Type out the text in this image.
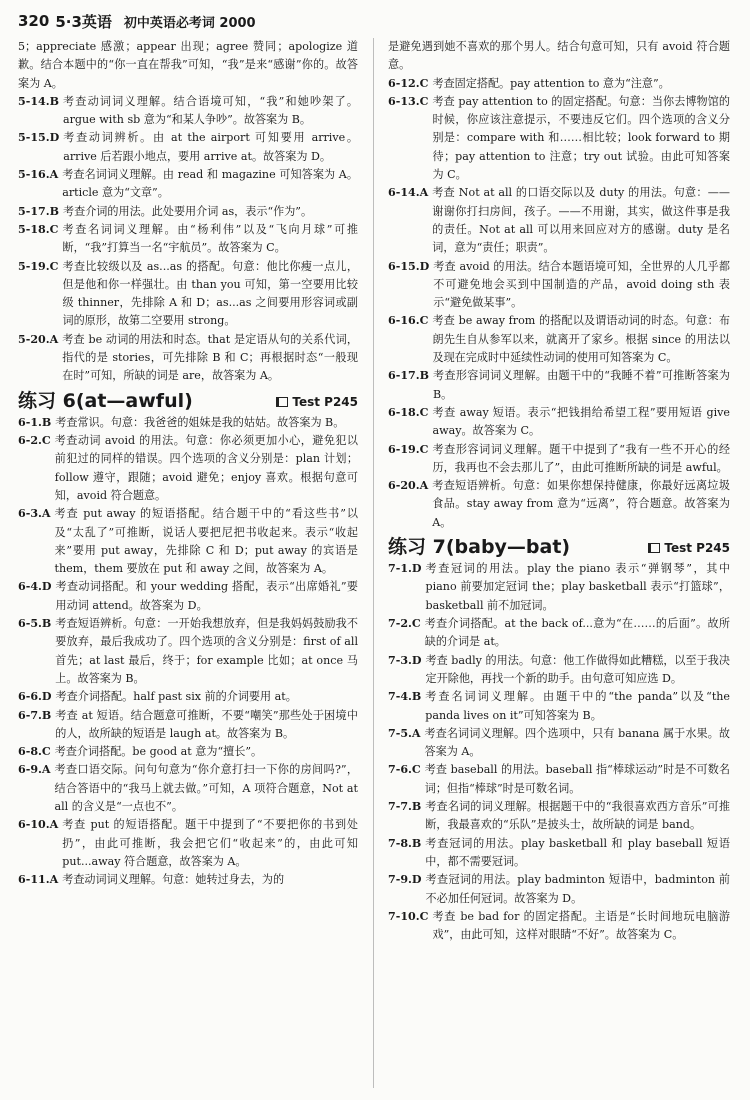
320 5·3英语 初中英语必考词 2000
5；appreciate 感激；appear 出现；agree 赞同；apologize 道歉。结合本题中的“你一直在帮我”可知，“我”是来“感谢”你的。故答案为 A。
5-14.B 考查动词词义理解。结合语境可知，“我”和她吵架了。argue with sb 意为“和某人争吵”。故答案为 B。
5-15.D 考查动词辨析。由 at the airport 可知要用 arrive。arrive 后若跟小地点，要用 arrive at。故答案为 D。
5-16.A 考查名词词义理解。由 read 和 magazine 可知答案为 A。article 意为“文章”。
5-17.B 考查介词的用法。此处要用介词 as，表示“作为”。
5-18.C 考查名词词义理解。由“杨利伟”以及“飞向月球”可推断，“我”打算当一名“宇航员”。故答案为 C。
5-19.C 考查比较级以及 as...as 的搭配。句意：他比你瘦一点儿，但是他和你一样强壮。由 than you 可知，第一空要用比较级 thinner，先排除 A 和 D；as...as 之间要用形容词或副词的原形，故第二空要用 strong。
5-20.A 考查 be 动词的用法和时态。that 是定语从句的关系代词，指代的是 stories，可先排除 B 和 C；再根据时态“一般现在时”可知，所缺的词是 are，故答案为 A。
练习 6(at—awful)	Test P245
6-1.B 考查常识。句意：我爸爸的姐妹是我的姑姑。故答案为 B。
6-2.C 考查动词 avoid 的用法。句意：你必须更加小心，避免犯以前犯过的同样的错误。四个选项的含义分别是：plan 计划；follow 遵守，跟随；avoid 避免；enjoy 喜欢。根据句意可知，avoid 符合题意。
6-3.A 考查 put away 的短语搭配。结合题干中的“看这些书”以及“太乱了”可推断，说话人要把尼把书收起来。表示“收起来”要用 put away，先排除 C 和 D；put away 的宾语是 them，them 要放在 put 和 away 之间，故答案为 A。
6-4.D 考查动词搭配。和 your wedding 搭配，表示“出席婚礼”要用动词 attend。故答案为 D。
6-5.B 考查短语辨析。句意：一开始我想放弃，但是我妈妈鼓励我不要放弃，最后我成功了。四个选项的含义分别是：first of all 首先；at last 最后，终于；for example 比如；at once 马上。故答案为 B。
6-6.D 考查介词搭配。half past six 前的介词要用 at。
6-7.B 考查 at 短语。结合题意可推断，不要“嘲笑”那些处于困境中的人，故所缺的短语是 laugh at。故答案为 B。
6-8.C 考查介词搭配。be good at 意为“擅长”。
6-9.A 考查口语交际。问句句意为“你介意打扫一下你的房间吗?”，结合答语中的“我马上就去做。”可知，A 项符合题意，Not at all 的含义是“一点也不”。
6-10.A 考查 put 的短语搭配。题干中提到了“不要把你的书到处扔”，由此可推断，我会把它们“收起来”的，由此可知 put...away 符合题意，故答案为 A。
6-11.A 考查动词词义理解。句意：她转过身去，为的
是避免遇到她不喜欢的那个男人。结合句意可知，只有 avoid 符合题意。
6-12.C 考查固定搭配。pay attention to 意为“注意”。
6-13.C 考查 pay attention to 的固定搭配。句意：当你去博物馆的时候，你应该注意提示，不要违反它们。四个选项的含义分别是：compare with 和……相比较；look forward to 期待；pay attention to 注意；try out 试验。由此可知答案为 C。
6-14.A 考查 Not at all 的口语交际以及 duty 的用法。句意：——谢谢你打扫房间，孩子。——不用谢，其实，做这件事是我的责任。Not at all 可以用来回应对方的感谢。duty 是名词，意为“责任；职责”。
6-15.D 考查 avoid 的用法。结合本题语境可知，全世界的人几乎都不可避免地会买到中国制造的产品，avoid doing sth 表示“避免做某事”。
6-16.C 考查 be away from 的搭配以及谓语动词的时态。句意：布朗先生自从参军以来，就离开了家乡。根据 since 的用法以及现在完成时中延续性动词的使用可知答案为 C。
6-17.B 考查形容词词义理解。由题干中的“我睡不着”可推断答案为 B。
6-18.C 考查 away 短语。表示“把钱捐给希望工程”要用短语 give away。故答案为 C。
6-19.C 考查形容词词义理解。题干中提到了“我有一些不开心的经历，我再也不会去那儿了”，由此可推断所缺的词是 awful。
6-20.A 考查短语辨析。句意：如果你想保持健康，你最好远离垃圾食品。stay away from 意为“远离”，符合题意。故答案为 A。
练习 7(baby—bat)	Test P245
7-1.D 考查冠词的用法。play the piano 表示“弹钢琴”，其中 piano 前要加定冠词 the；play basketball 表示“打篮球”，basketball 前不加冠词。
7-2.C 考查介词搭配。at the back of...意为“在……的后面”。故所缺的介词是 at。
7-3.D 考查 badly 的用法。句意：他工作做得如此糟糕，以至于我决定开除他，再找一个新的助手。由句意可知应选 D。
7-4.B 考查名词词义理解。由题干中的“the panda”以及“the panda lives on it”可知答案为 B。
7-5.A 考查名词词义理解。四个选项中，只有 banana 属于水果。故答案为 A。
7-6.C 考查 baseball 的用法。baseball 指“棒球运动”时是不可数名词；但指“棒球”时是可数名词。
7-7.B 考查名词的词义理解。根据题干中的“我很喜欢西方音乐”可推断，我最喜欢的“乐队”是披头士，故所缺的词是 band。
7-8.B 考查冠词的用法。play basketball 和 play baseball 短语中，都不需要冠词。
7-9.D 考查冠词的用法。play badminton 短语中，badminton 前不必加任何冠词。故答案为 D。
7-10.C 考查 be bad for 的固定搭配。主语是“长时间地玩电脑游戏”，由此可知，这样对眼睛“不好”。故答案为 C。
